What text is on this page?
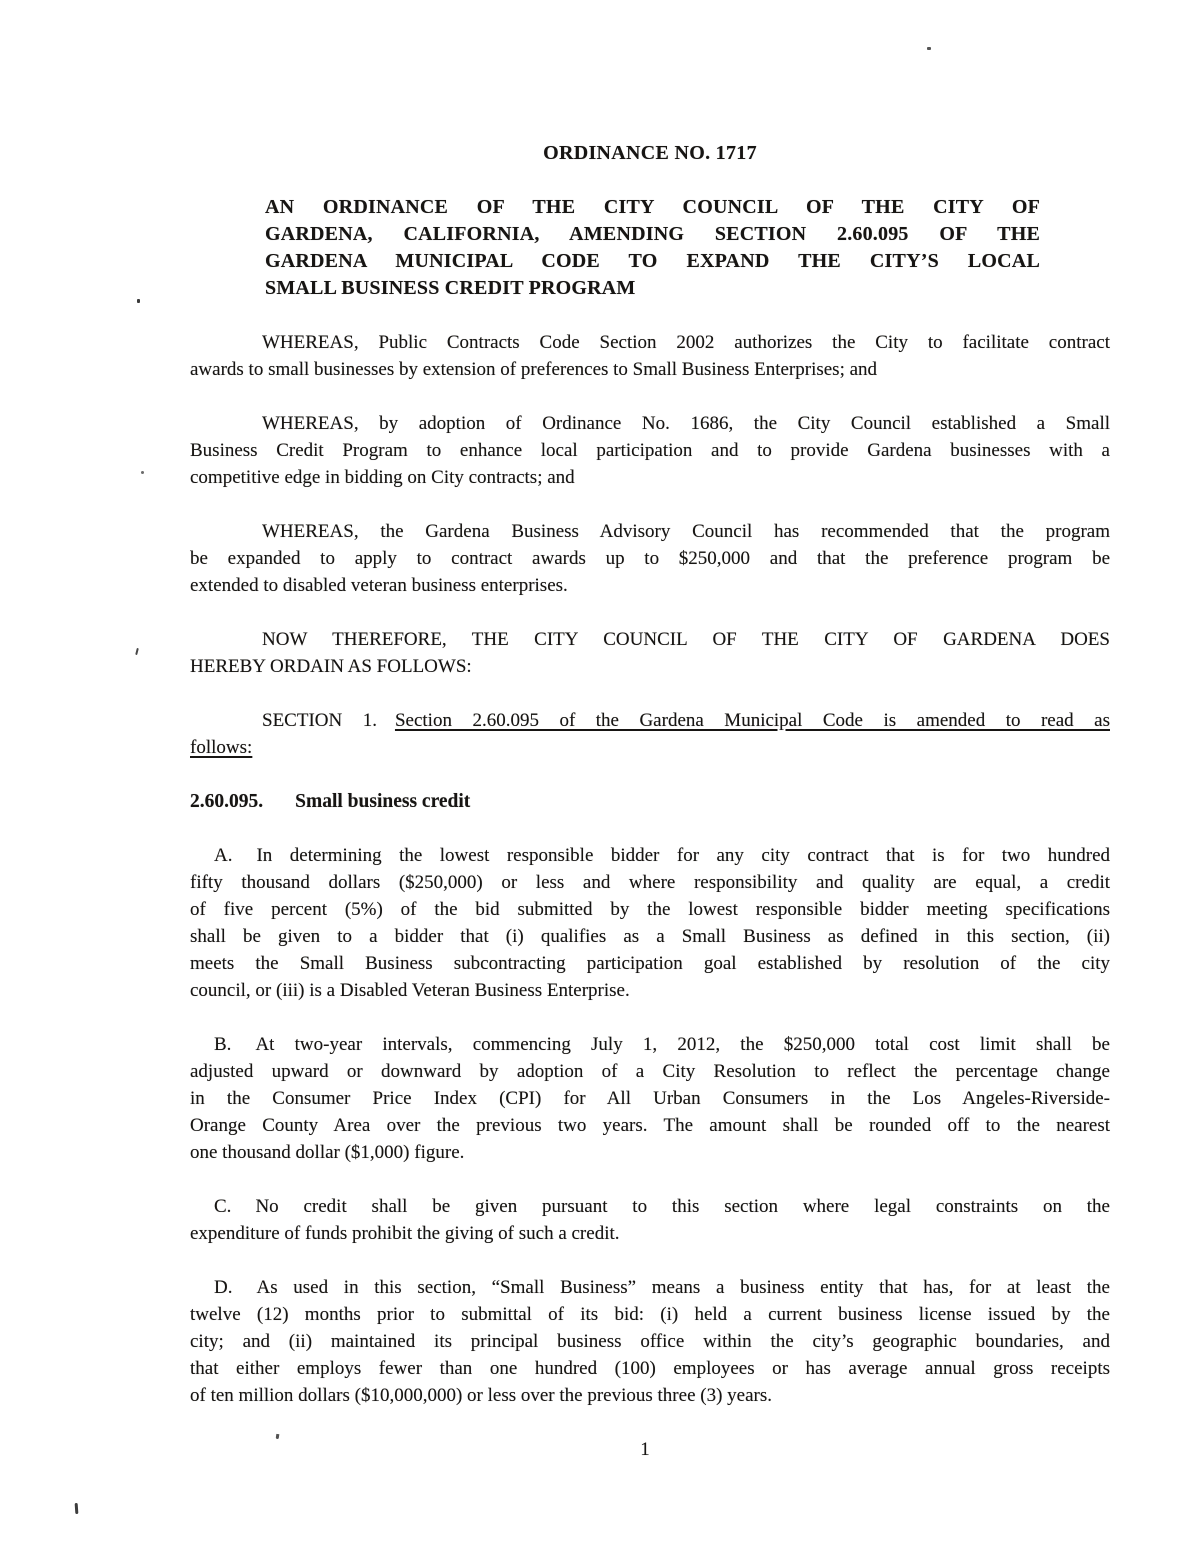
ORDINANCE NO. 1717
AN ORDINANCE OF THE CITY COUNCIL OF THE CITY OF
GARDENA, CALIFORNIA, AMENDING SECTION 2.60.095 OF THE
GARDENA MUNICIPAL CODE TO EXPAND THE CITY’S LOCAL
SMALL BUSINESS CREDIT PROGRAM
WHEREAS, Public Contracts Code Section 2002 authorizes the City to facilitate contract
awards to small businesses by extension of preferences to Small Business Enterprises; and
WHEREAS, by adoption of Ordinance No. 1686, the City Council established a Small
Business Credit Program to enhance local participation and to provide Gardena businesses with a
competitive edge in bidding on City contracts; and
WHEREAS, the Gardena Business Advisory Council has recommended that the program
be expanded to apply to contract awards up to $250,000 and that the preference program be
extended to disabled veteran business enterprises.
NOW THEREFORE, THE CITY COUNCIL OF THE CITY OF GARDENA DOES
HEREBY ORDAIN AS FOLLOWS:
SECTION 1. Section 2.60.095 of the Gardena Municipal Code is amended to read as
follows:
2.60.095. Small business credit
A. In determining the lowest responsible bidder for any city contract that is for two hundred
fifty thousand dollars ($250,000) or less and where responsibility and quality are equal, a credit
of five percent (5%) of the bid submitted by the lowest responsible bidder meeting specifications
shall be given to a bidder that (i) qualifies as a Small Business as defined in this section, (ii)
meets the Small Business subcontracting participation goal established by resolution of the city
council, or (iii) is a Disabled Veteran Business Enterprise.
B. At two-year intervals, commencing July 1, 2012, the $250,000 total cost limit shall be
adjusted upward or downward by adoption of a City Resolution to reflect the percentage change
in the Consumer Price Index (CPI) for All Urban Consumers in the Los Angeles-Riverside-
Orange County Area over the previous two years. The amount shall be rounded off to the nearest
one thousand dollar ($1,000) figure.
C. No credit shall be given pursuant to this section where legal constraints on the
expenditure of funds prohibit the giving of such a credit.
D. As used in this section, “Small Business” means a business entity that has, for at least the
twelve (12) months prior to submittal of its bid: (i) held a current business license issued by the
city; and (ii) maintained its principal business office within the city’s geographic boundaries, and
that either employs fewer than one hundred (100) employees or has average annual gross receipts
of ten million dollars ($10,000,000) or less over the previous three (3) years.
1
